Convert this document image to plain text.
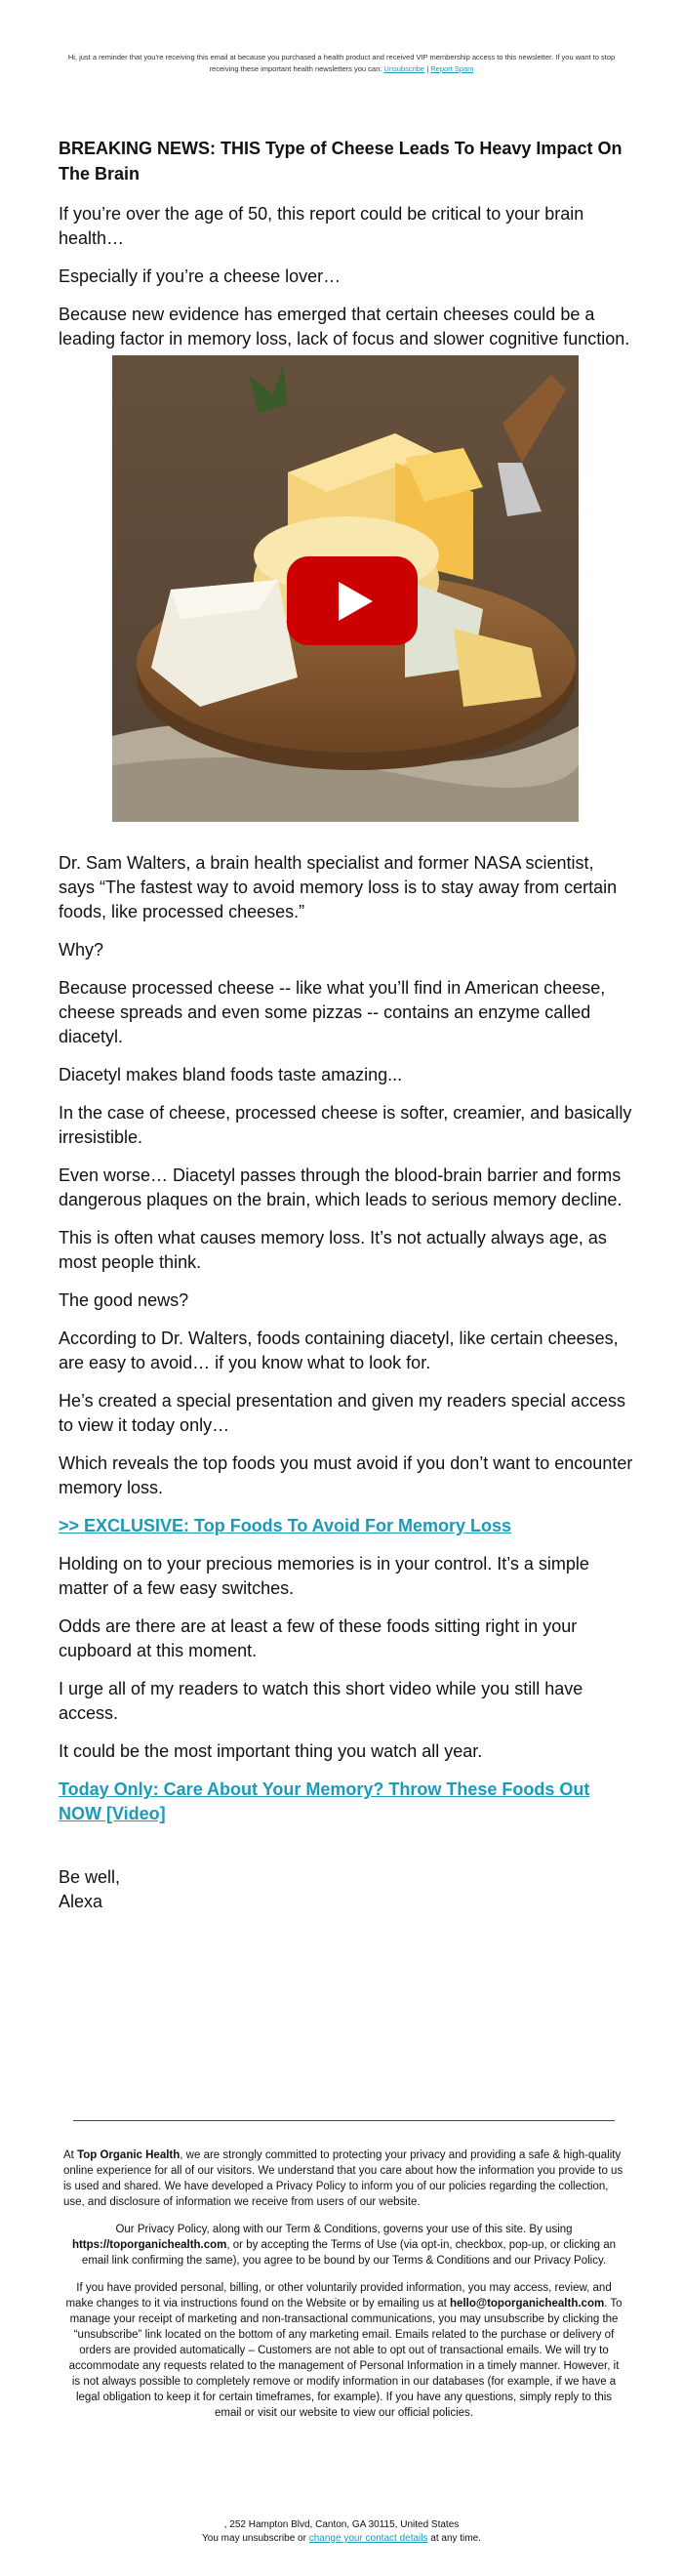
Hi, just a reminder that you're receiving this email at because you purchased a health product and received VIP membership access to this newsletter. If you want to stop receiving these important health newsletters you can: Unsubscribe | Report Spam
BREAKING NEWS: THIS Type of Cheese Leads To Heavy Impact On The Brain
If you’re over the age of 50, this report could be critical to your brain health…
Especially if you’re a cheese lover…
Because new evidence has emerged that certain cheeses could be a leading factor in memory loss, lack of focus and slower cognitive function.
Dr. Sam Walters, a brain health specialist and former NASA scientist, says “The fastest way to avoid memory loss is to stay away from certain foods, like processed cheeses.”
Why?
Because processed cheese -- like what you’ll find in American cheese, cheese spreads and even some pizzas -- contains an enzyme called diacetyl.
Diacetyl makes bland foods taste amazing...
In the case of cheese, processed cheese is softer, creamier, and basically irresistible.
Even worse… Diacetyl passes through the blood-brain barrier and forms dangerous plaques on the brain, which leads to serious memory decline.
This is often what causes memory loss. It’s not actually always age, as most people think.
The good news?
According to Dr. Walters, foods containing diacetyl, like certain cheeses, are easy to avoid… if you know what to look for.
He’s created a special presentation and given my readers special access to view it today only…
Which reveals the top foods you must avoid if you don’t want to encounter memory loss.
>> EXCLUSIVE: Top Foods To Avoid For Memory Loss
Holding on to your precious memories is in your control. It’s a simple matter of a few easy switches.
Odds are there are at least a few of these foods sitting right in your cupboard at this moment.
I urge all of my readers to watch this short video while you still have access.
It could be the most important thing you watch all year.
Today Only: Care About Your Memory? Throw These Foods Out NOW [Video]
Be well,
Alexa

At Top Organic Health, we are strongly committed to protecting your privacy and providing a safe & high-quality online experience for all of our visitors. We understand that you care about how the information you provide to us is used and shared. We have developed a Privacy Policy to inform you of our policies regarding the collection, use, and disclosure of information we receive from users of our website.

Our Privacy Policy, along with our Term & Conditions, governs your use of this site. By using https://toporganichealth.com, or by accepting the Terms of Use (via opt-in, checkbox, pop-up, or clicking an email link confirming the same), you agree to be bound by our Terms & Conditions and our Privacy Policy.

If you have provided personal, billing, or other voluntarily provided information, you may access, review, and make changes to it via instructions found on the Website or by emailing us at hello@toporganichealth.com. To manage your receipt of marketing and non-transactional communications, you may unsubscribe by clicking the “unsubscribe” link located on the bottom of any marketing email. Emails related to the purchase or delivery of orders are provided automatically – Customers are not able to opt out of transactional emails. We will try to accommodate any requests related to the management of Personal Information in a timely manner. However, it is not always possible to completely remove or modify information in our databases (for example, if we have a legal obligation to keep it for certain timeframes, for example). If you have any questions, simply reply to this email or visit our website to view our official policies.

, 252 Hampton Blvd, Canton, GA 30115, United States
You may unsubscribe or change your contact details at any time.
